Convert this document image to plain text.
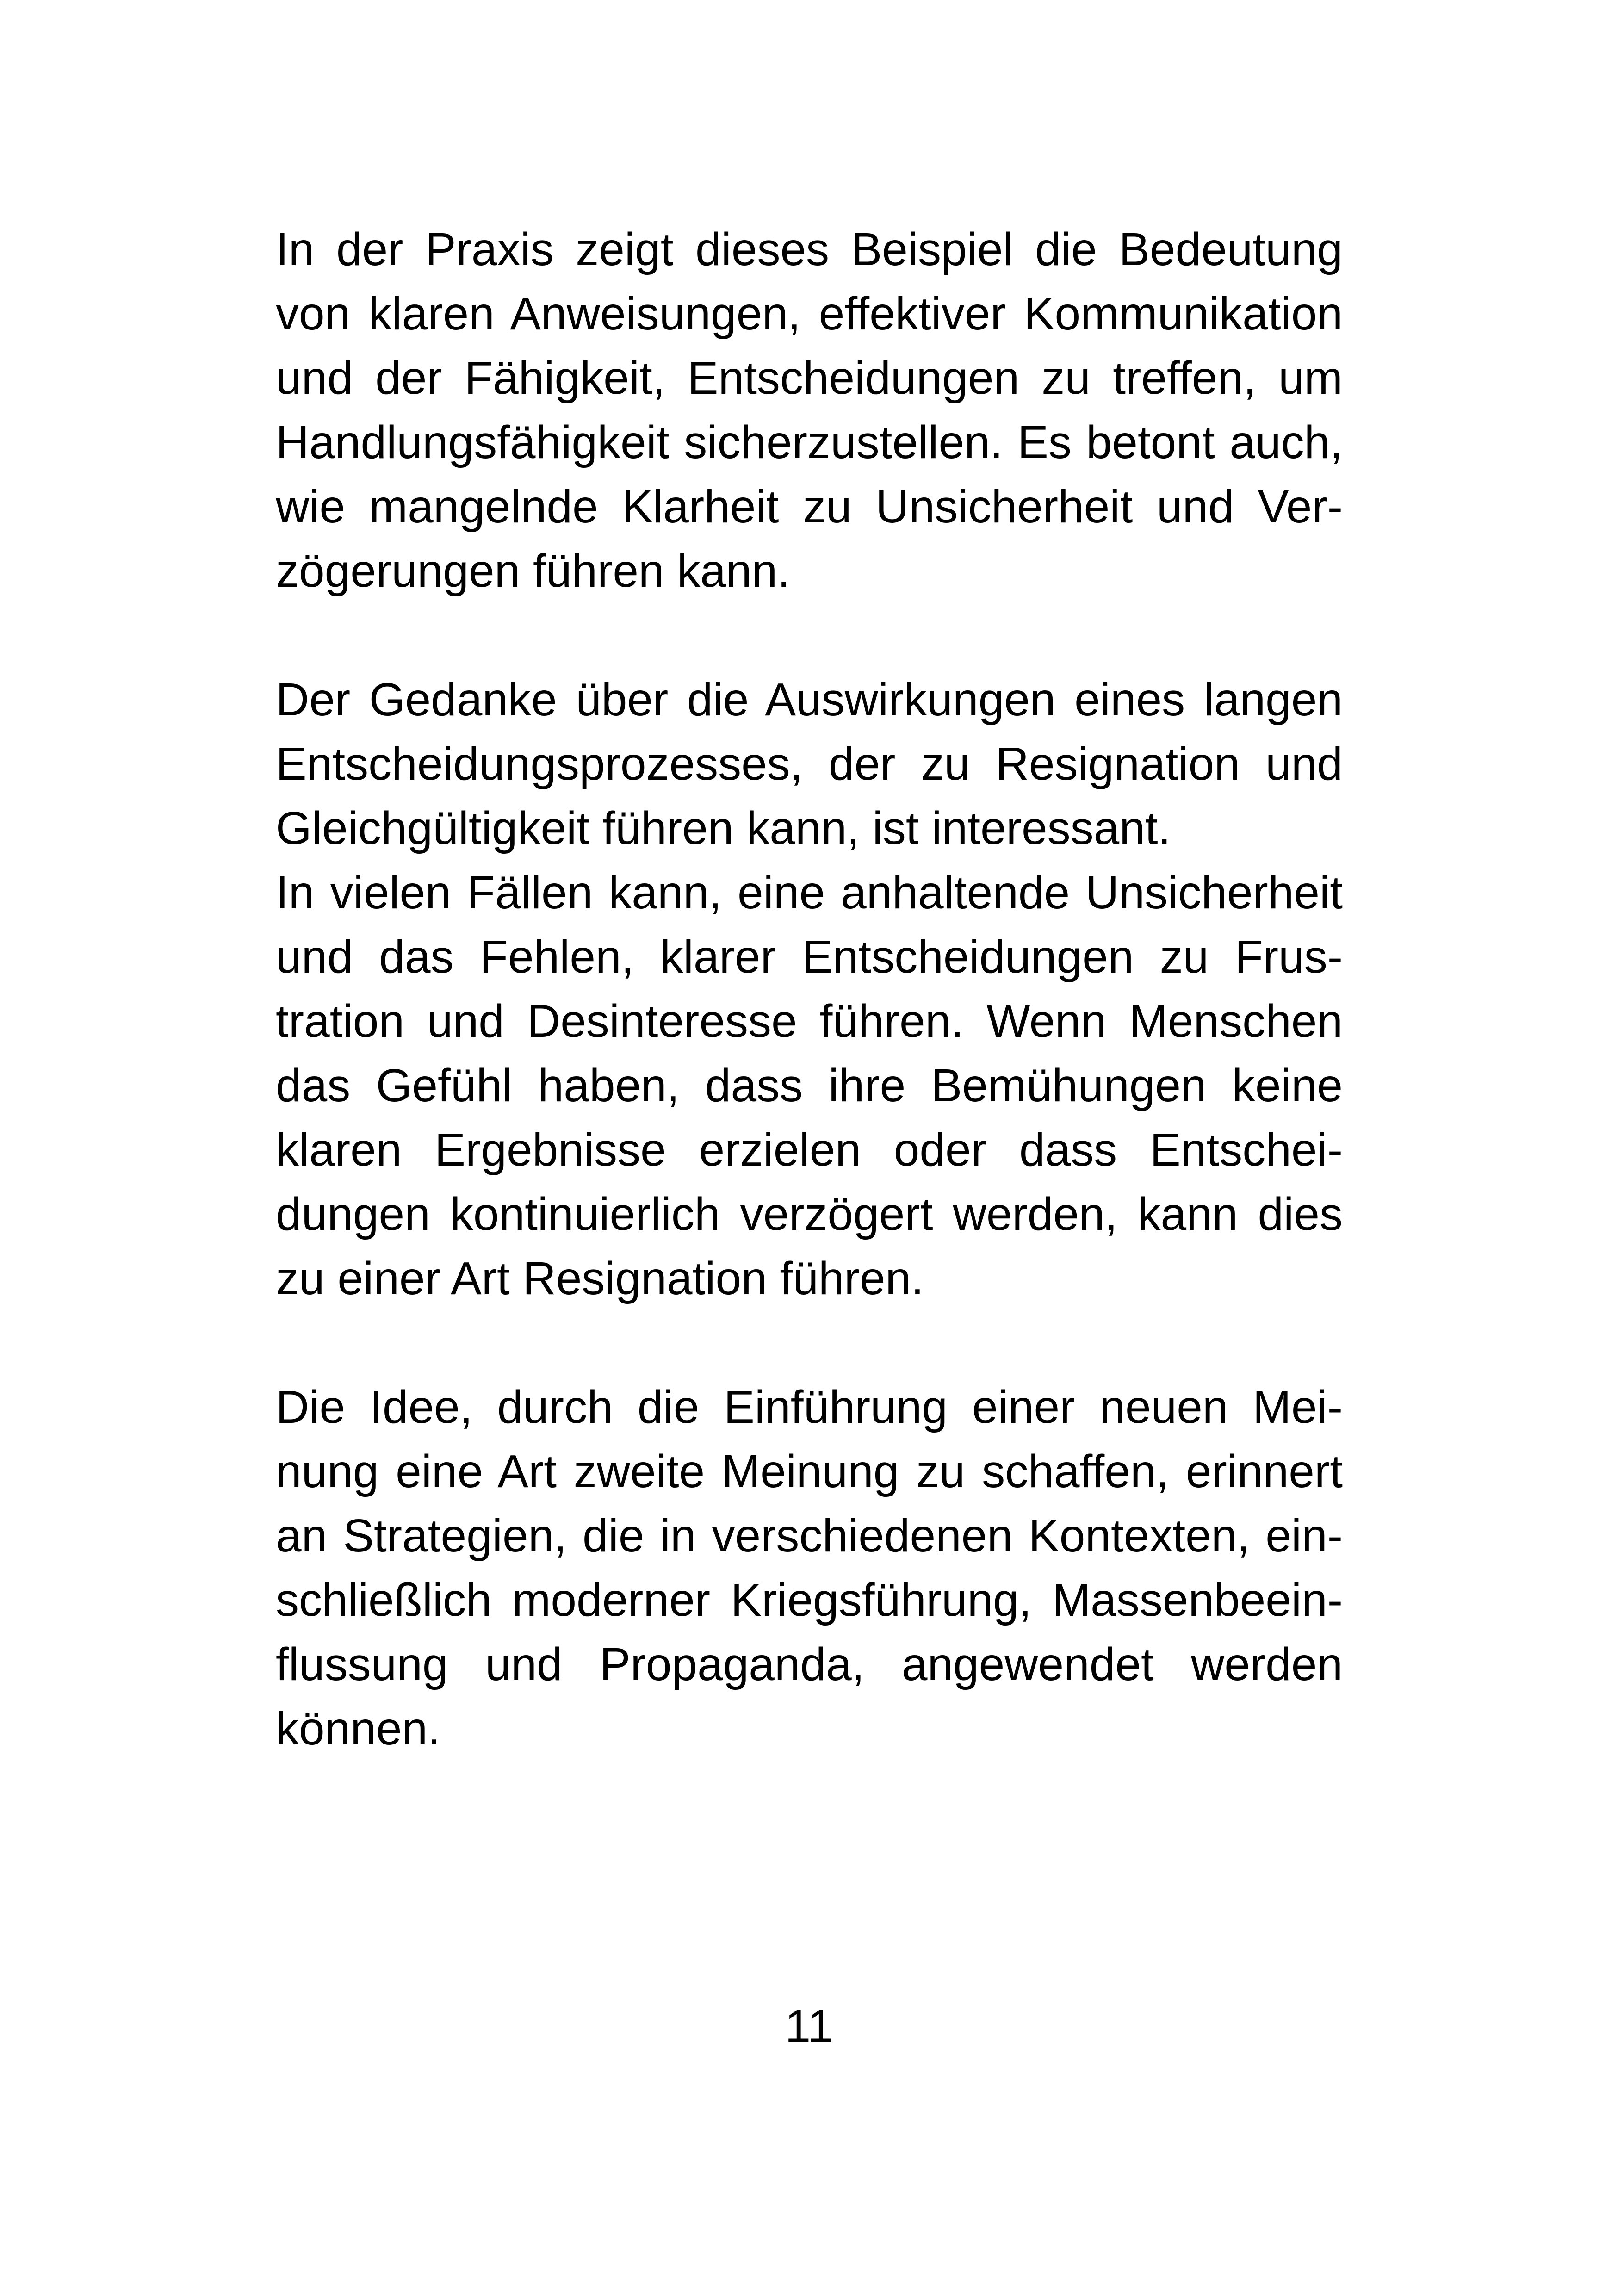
In der Praxis zeigt dieses Beispiel die Bedeutung
von klaren Anweisungen, effektiver Kommunikation
und der Fähigkeit, Entscheidungen zu treffen, um
Handlungsfähigkeit sicherzustellen. Es betont auch,
wie mangelnde Klarheit zu Unsicherheit und Ver-
zögerungen führen kann.
Der Gedanke über die Auswirkungen eines langen
Entscheidungsprozesses, der zu Resignation und
Gleichgültigkeit führen kann, ist interessant.
In vielen Fällen kann, eine anhaltende Unsicherheit
und das Fehlen, klarer Entscheidungen zu Frus-
tration und Desinteresse führen. Wenn Menschen
das Gefühl haben, dass ihre Bemühungen keine
klaren Ergebnisse erzielen oder dass Entschei-
dungen kontinuierlich verzögert werden, kann dies
zu einer Art Resignation führen.
Die Idee, durch die Einführung einer neuen Mei-
nung eine Art zweite Meinung zu schaffen, erinnert
an Strategien, die in verschiedenen Kontexten, ein-
schließlich moderner Kriegsführung, Massenbeein-
flussung und Propaganda, angewendet werden
können.
11
